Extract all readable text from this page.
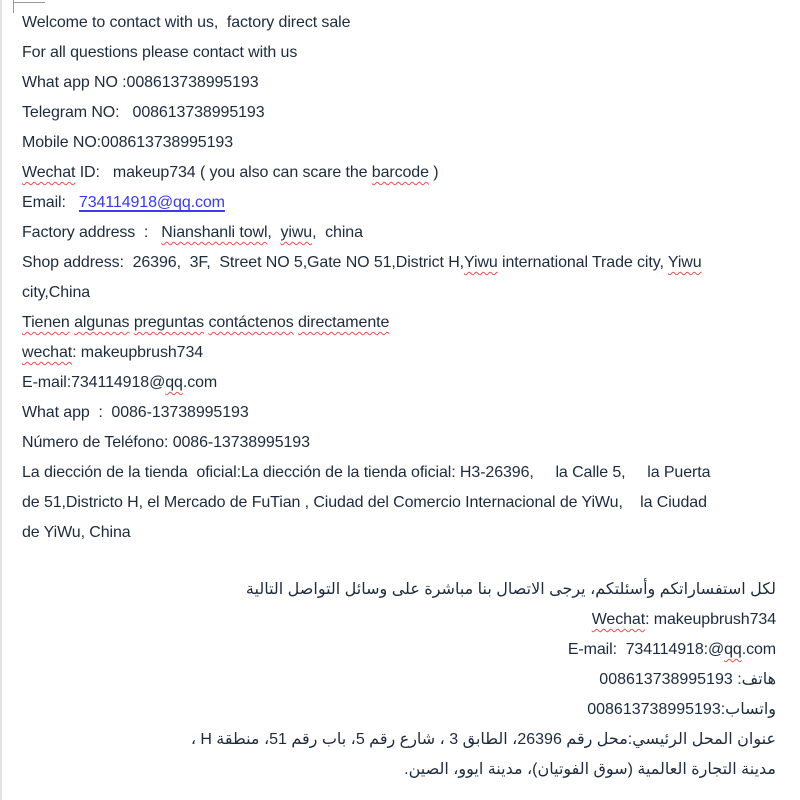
Welcome to contact with us,  factory direct sale
For all questions please contact with us
What app NO :008613738995193
Telegram NO:   008613738995193
Mobile NO:008613738995193
Wechat ID:   makeup734 ( you also can scare the barcode )
Email:   734114918@qq.com
Factory address  :   Nianshanli towl,  yiwu,  china
Shop address:  26396,  3F,  Street NO 5,Gate NO 51,District H,Yiwu international Trade city, Yiwu
city,China
Tienen algunas preguntas contáctenos directamente
wechat: makeupbrush734
E-mail:734114918@qq.com
What app  :  0086-13738995193
Número de Teléfono: 0086-13738995193
La diección de la tienda  oficial:La diección de la tienda oficial: H3-26396,     la Calle 5,     la Puerta
de 51,Districto H, el Mercado de FuTian , Ciudad del Comercio Internacional de YiWu,    la Ciudad
de YiWu, China
لكل استفساراتكم وأسئلتكم، يرجى الاتصال بنا مباشرة على وسائل التواصل التالية
Wechat: makeupbrush734
E-mail:  734114918:@qq.com
هاتف: 008613738995193
واتساب:008613738995193
عنوان المحل الرئيسي:محل رقم 26396، الطابق 3 ، شارع رقم 5، باب رقم 51، منطقة H ،
مدينة التجارة العالمية (سوق الفوتيان)، مدينة ايوو، الصين.
